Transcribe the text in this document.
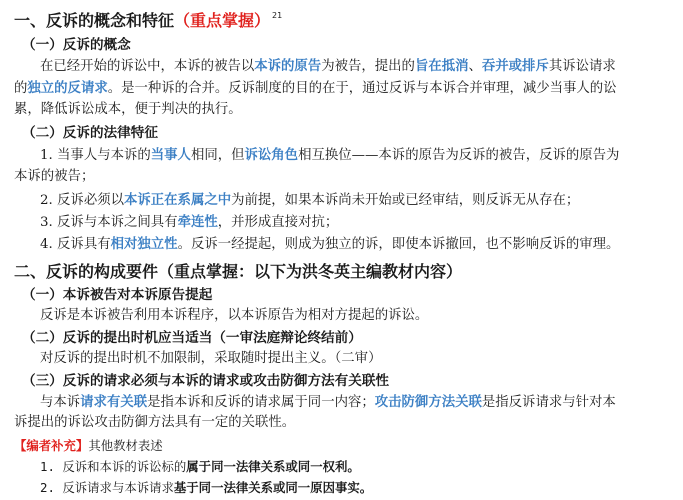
一、反诉的概念和特征（重点掌握） $^{21}$
（一）反诉的概念
在已经开始的诉讼中，本诉的被告以本诉的原告为被告，提出的旨在抵消、吞并或排斥其诉讼请求
的独立的反请求。是一种诉的合并。反诉制度的目的在于，通过反诉与本诉合并审理，减少当事人的讼
累，降低诉讼成本，便于判决的执行。
（二）反诉的法律特征
1. 当事人与本诉的当事人相同，但诉讼角色相互换位——本诉的原告为反诉的被告，反诉的原告为
本诉的被告；
2. 反诉必须以本诉正在系属之中为前提，如果本诉尚未开始或已经审结，则反诉无从存在；
3. 反诉与本诉之间具有牵连性，并形成直接对抗；
4. 反诉具有相对独立性。反诉一经提起，则成为独立的诉，即使本诉撤回，也不影响反诉的审理。
二、反诉的构成要件（重点掌握：以下为洪冬英主编教材内容）
（一）本诉被告对本诉原告提起
反诉是本诉被告利用本诉程序，以本诉原告为相对方提起的诉讼。
（二）反诉的提出时机应当适当（一审法庭辩论终结前）
对反诉的提出时机不加限制，采取随时提出主义。（二审）
（三）反诉的请求必须与本诉的请求或攻击防御方法有关联性
与本诉请求有关联是指本诉和反诉的请求属于同一内容；攻击防御方法关联是指反诉请求与针对本
诉提出的诉讼攻击防御方法具有一定的关联性。
【编者补充】其他教材表述
1. 反诉和本诉的诉讼标的属于同一法律关系或同一权利。
2. 反诉请求与本诉请求基于同一法律关系或同一原因事实。
